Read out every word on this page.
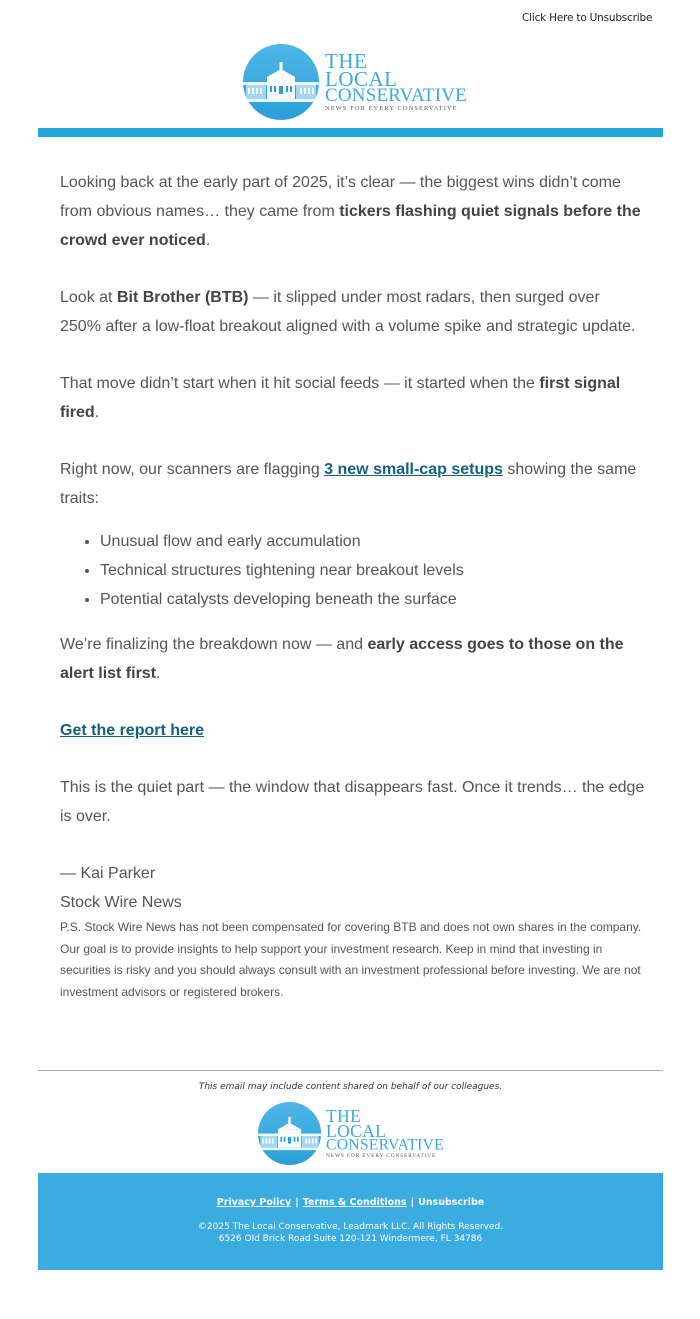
Click Here to Unsubscribe
THE
LOCAL
CONSERVATIVE
NEWS FOR EVERY CONSERVATIVE

Looking back at the early part of 2025, it’s clear — the biggest wins didn’t come from obvious names… they came from tickers flashing quiet signals before the crowd ever noticed.

Look at Bit Brother (BTB) — it slipped under most radars, then surged over 250% after a low-float breakout aligned with a volume spike and strategic update.

That move didn’t start when it hit social feeds — it started when the first signal fired.

Right now, our scanners are flagging 3 new small-cap setups showing the same traits:

• Unusual flow and early accumulation
• Technical structures tightening near breakout levels
• Potential catalysts developing beneath the surface

We’re finalizing the breakdown now — and early access goes to those on the alert list first.

Get the report here

This is the quiet part — the window that disappears fast. Once it trends… the edge is over.

— Kai Parker

Stock Wire News

P.S. Stock Wire News has not been compensated for covering BTB and does not own shares in the company. Our goal is to provide insights to help support your investment research. Keep in mind that investing in securities is risky and you should always consult with an investment professional before investing. We are not investment advisors or registered brokers.

This email may include content shared on behalf of our colleagues.
THE
LOCAL
CONSERVATIVE
NEWS FOR EVERY CONSERVATIVE
Privacy Policy | Terms & Conditions | Unsubscribe
©2025 The Local Conservative, Leadmark LLC. All Rights Reserved.
6526 Old Brick Road Suite 120-121 Windermere, FL 34786
